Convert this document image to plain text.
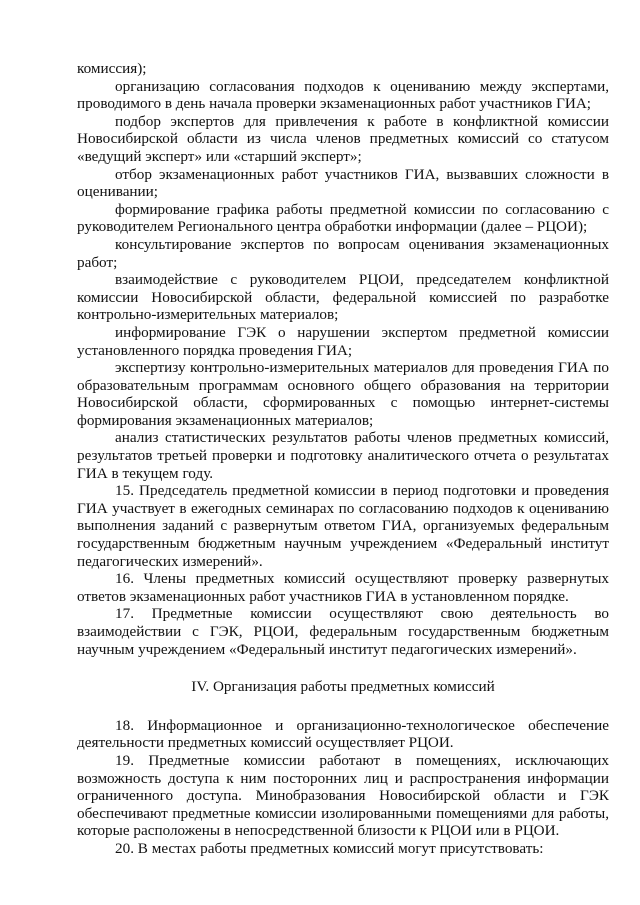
комиссия);

организацию согласования подходов к оцениванию между экспертами, проводимого в день начала проверки экзаменационных работ участников ГИА;

подбор экспертов для привлечения к работе в конфликтной комиссии Новосибирской области из числа членов предметных комиссий со статусом «ведущий эксперт» или «старший эксперт»;

отбор экзаменационных работ участников ГИА, вызвавших сложности в оценивании;

формирование графика работы предметной комиссии по согласованию с руководителем Регионального центра обработки информации (далее – РЦОИ);

консультирование экспертов по вопросам оценивания экзаменационных работ;

взаимодействие с руководителем РЦОИ, председателем конфликтной комиссии Новосибирской области, федеральной комиссией по разработке контрольно-измерительных материалов;

информирование ГЭК о нарушении экспертом предметной комиссии установленного порядка проведения ГИА;

экспертизу контрольно-измерительных материалов для проведения ГИА по образовательным программам основного общего образования на территории Новосибирской области, сформированных с помощью интернет-системы формирования экзаменационных материалов;

анализ статистических результатов работы членов предметных комиссий, результатов третьей проверки и подготовку аналитического отчета о результатах ГИА в текущем году.

15. Председатель предметной комиссии в период подготовки и проведения ГИА участвует в ежегодных семинарах по согласованию подходов к оцениванию выполнения заданий с развернутым ответом ГИА, организуемых федеральным государственным бюджетным научным учреждением «Федеральный институт педагогических измерений».

16. Члены предметных комиссий осуществляют проверку развернутых ответов экзаменационных работ участников ГИА в установленном порядке.

17. Предметные комиссии осуществляют свою деятельность во взаимодействии с ГЭК, РЦОИ, федеральным государственным бюджетным научным учреждением «Федеральный институт педагогических измерений».

IV. Организация работы предметных комиссий

18. Информационное и организационно-технологическое обеспечение деятельности предметных комиссий осуществляет РЦОИ.

19. Предметные комиссии работают в помещениях, исключающих возможность доступа к ним посторонних лиц и распространения информации ограниченного доступа. Минобразования Новосибирской области и ГЭК обеспечивают предметные комиссии изолированными помещениями для работы, которые расположены в непосредственной близости к РЦОИ или в РЦОИ.

20. В местах работы предметных комиссий могут присутствовать:
